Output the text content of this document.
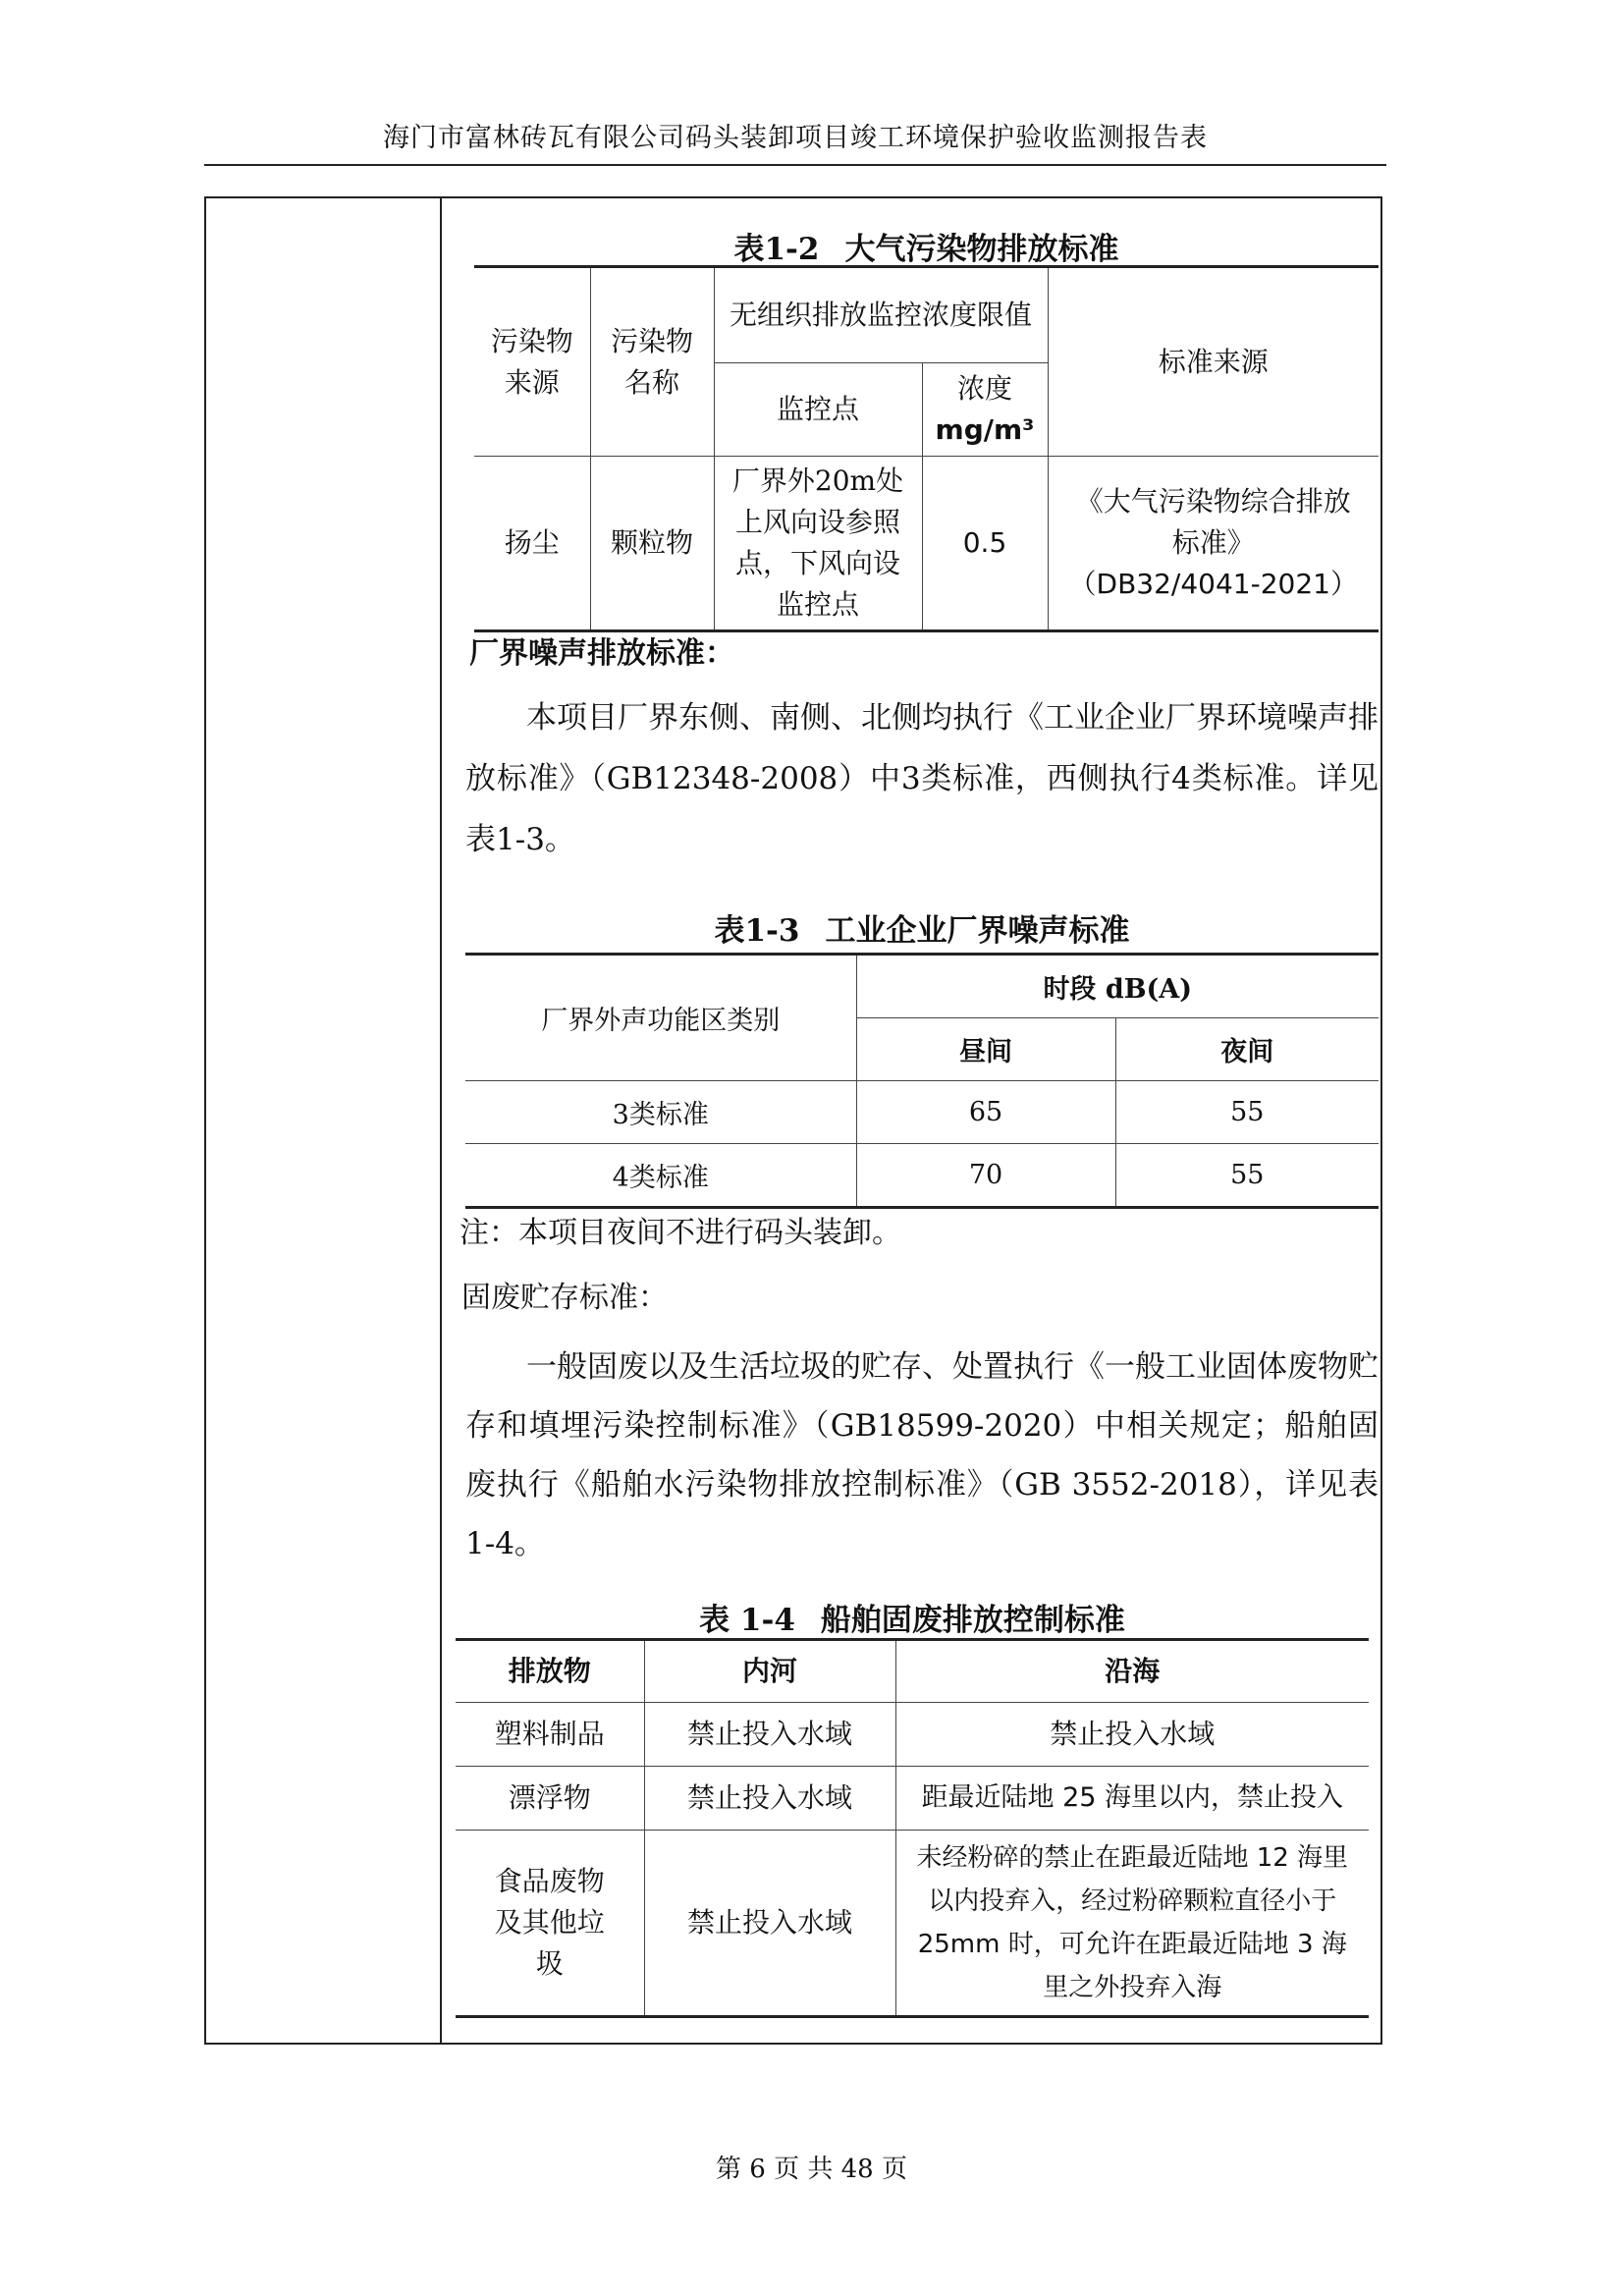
海门市富林砖瓦有限公司码头装卸项目竣工环境保护验收监测报告表
表1-2 大气污染物排放标准
污染物来源	污染物名称	无组织排放监控浓度限值		标准来源
		监控点	浓度
mg/m³	

扬尘	颗粒物	厂界外20m处上风向设参照点，下风向设监控点	0.5	《大气污染物综合排放标准》
（DB32/4041-2021）
厂界噪声排放标准：
本项目厂界东侧、南侧、北侧均执行《工业企业厂界环境噪声排放标准》（GB12348-2008）中3类标准，西侧执行4类标准。详见表1-3。
表1-3 工业企业厂界噪声标准
厂界外声功能区类别	时段 dB(A)	
	昼间	夜间
3类标准	65	55
4类标准	70	55
注：本项目夜间不进行码头装卸。
固废贮存标准：
一般固废以及生活垃圾的贮存、处置执行《一般工业固体废物贮存和填埋污染控制标准》（GB18599-2020）中相关规定；船舶固废执行《船舶水污染物排放控制标准》（GB 3552-2018），详见表1-4。
表 1-4 船舶固废排放控制标准
排放物	内河	沿海
塑料制品	禁止投入水域	禁止投入水域
漂浮物	禁止投入水域	距最近陆地 25 海里以内，禁止投入
食品废物及其他垃圾	禁止投入水域	未经粉碎的禁止在距最近陆地 12 海里以内投弃入，经过粉碎颗粒直径小于 25mm 时，可允许在距最近陆地 3 海里之外投弃入海
第 6 页 共 48 页
